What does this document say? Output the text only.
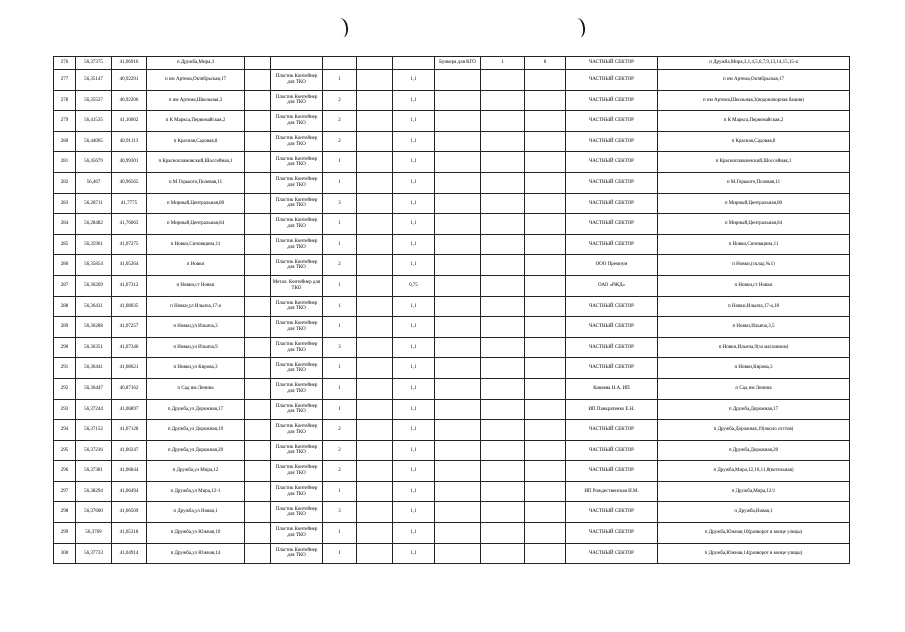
276	56,37375	41,06916	п Дружба,Мира,3						Бункера для КГО	1	8	ЧАСТНЫЙ СЕКТОР	п Дружба,Мира,3,1,4,5,6,7,9,13,14,15,15-а
277	56,35147	40,92291	п им Артема,Октябрьская,17		Пластик Контейнер для ТКО	1		1,1				ЧАСТНЫЙ СЕКТОР	п им Артема,Октябрьская,17
278	56,35527	40,92206	п им Артема,Школьная,3		Пластик Контейнер для ТКО	2		1,1				ЧАСТНЫЙ СЕКТОР	п им Артема,Школьная,3(водонапорная башня)
279	56,41535	41,10002	п К Маркса,Первомайская,2		Пластик Контейнер для ТКО	2		1,1				ЧАСТНЫЙ СЕКТОР	п К Маркса,Первомайская,2
280	56,44065	40,91113	п Красная,Садовая,8		Пластик Контейнер для ТКО	2		1,1				ЧАСТНЫЙ СЕКТОР	п Красная,Садовая,8
281	56,45679	40,99301	п Краснопламовский,Шоссейная,1		Пластик Контейнер для ТКО	1		1,1				ЧАСТНЫЙ СЕКТОР	п Красноплавленский,Шоссейная,1
282	56,467	40,96565	п М Горького,Полевая,11		Пластик Контейнер для ТКО	1		1,1				ЧАСТНЫЙ СЕКТОР	п М.Горького,Полевая,11
283	56,28711	41,7775	п Мирный,Центральная,80		Пластик Контейнер для ТКО	3		1,1				ЧАСТНЫЙ СЕКТОР	п Мирный,Центральная,80
284	56,28482	41,76063	п Мирный,Центральная,84		Пластик Контейнер для ТКО	1		1,1				ЧАСТНЫЙ СЕКТОР	п Мирный,Центральная,84
285	56,35961	41,07275	п Новки,Сиповщина,11		Пластик Контейнер для ТКО	1		1,1				ЧАСТНЫЙ СЕКТОР	п Новки,Сиповщина,11
286	56,35854	41,05264	п Новки		Пластик Контейнер для ТКО	2		1,1				ООО Премиум	п Новки,(склад №1)
287	56,36269	41,07312	п Новки,ст Новки		Метал. Контейнер для ТКО	1		0,75				ОАО «РЖД»	п Новки,ст Новки
288	56,36431	41,08035	п Новки,ул Ильича,17-а		Пластик Контейнер для ТКО	1		1,1				ЧАСТНЫЙ СЕКТОР	п Новки,Ильича,17-а,18
289	56,36288	41,07257	п Новки,ул Ильича,3		Пластик Контейнер для ТКО	1		1,1				ЧАСТНЫЙ СЕКТОР	п Новки,Ильича,3,5
290	56,36351	41,07346	п Новки,ул Ильича,9		Пластик Контейнер для ТКО	3		1,1				ЧАСТНЫЙ СЕКТОР	п Новки,Ильича,9(за магазином)
291	56,36441	41,08621	п Новки,ул Кирова,3		Пластик Контейнер для ТКО	1		1,1				ЧАСТНЫЙ СЕКТОР	п Новки,Кирова,3
292	56,36447	40,87162	п Сад им Ленина		Пластик Контейнер для ТКО	1		1,1				Канаева Н.А. ИП	п Сад им Ленина
293	56,37244	41,06897	п Дружба,ул Дорожная,17		Пластик Контейнер для ТКО	1		1,1				ИП Панкратенко Е.Н.	п Дружба,Дорожная,17
294	56,37152	41,07128	п Дружба,ул Дорожная,19		Пластик Контейнер для ТКО	2		1,1				ЧАСТНЫЙ СЕКТОР	п Дружба,Дорожная,19(около отстоя)
295	56,37236	41,06247	п Дружба,ул Дорожная,20		Пластик Контейнер для ТКО	2		1,1				ЧАСТНЫЙ СЕКТОР	п Дружба,Дорожная,20
296	56,37381	41,06844	п Дружба,ул Мира,12		Пластик Контейнер для ТКО	2		1,1				ЧАСТНЫЙ СЕКТОР	п Дружба,Мира,12,10,11,8(котельная)
297	56,38294	41,06494	п Дружба,ул Мира,12-1		Пластик Контейнер для ТКО	1		1,1				ИП Рождественская И.М.	п Дружба,Мира,12/1
298	56,37600	41,06509	п Дружба,ул Новая,1		Пластик Контейнер для ТКО	3		1,1				ЧАСТНЫЙ СЕКТОР	п Дружба,Новая,1
299	56,3769	41,05318	п Дружба,ул Южная,10		Пластик Контейнер для ТКО	1		1,1				ЧАСТНЫЙ СЕКТОР	п Дружба,Южная,10(разворот в конце улицы)
300	56,37733	41,04914	п Дружба,ул Южная,14		Пластик Контейнер для ТКО	1		1,1				ЧАСТНЫЙ СЕКТОР	п Дружба,Южная,14(разворот в конце улицы)
